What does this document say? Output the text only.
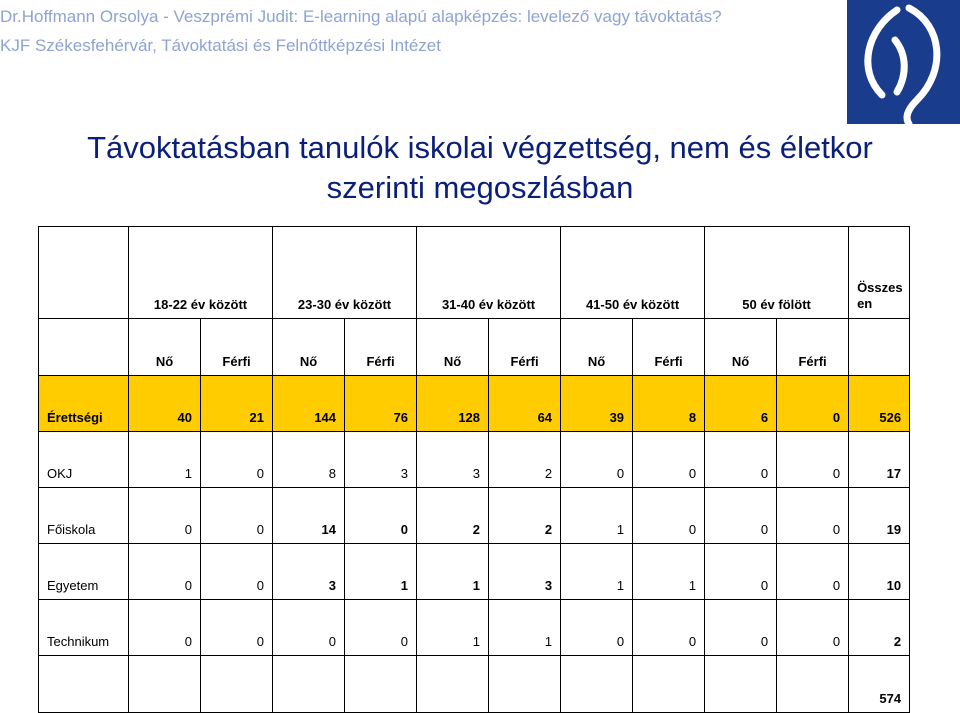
Dr.Hoffmann Orsolya - Veszprémi Judit: E-learning alapú alapképzés: levelező vagy távoktatás?
KJF Székesfehérvár, Távoktatási és Felnőttképzési Intézet
Távoktatásban tanulók iskolai végzettség, nem és életkor
szerinti megoszlásban
	18-22 év között		23-30 év között		31-40 év között		41-50 év között		50 év fölött		Összes
en
	Nő	Férfi	Nő	Férfi	Nő	Férfi	Nő	Férfi	Nő	Férfi	
Érettségi	40	21	144	76	128	64	39	8	6	0	526
OKJ	1	0	8	3	3	2	0	0	0	0	17
Főiskola	0	0	14	0	2	2	1	0	0	0	19
Egyetem	0	0	3	1	1	3	1	1	0	0	10
Technikum	0	0	0	0	1	1	0	0	0	0	2
											574
